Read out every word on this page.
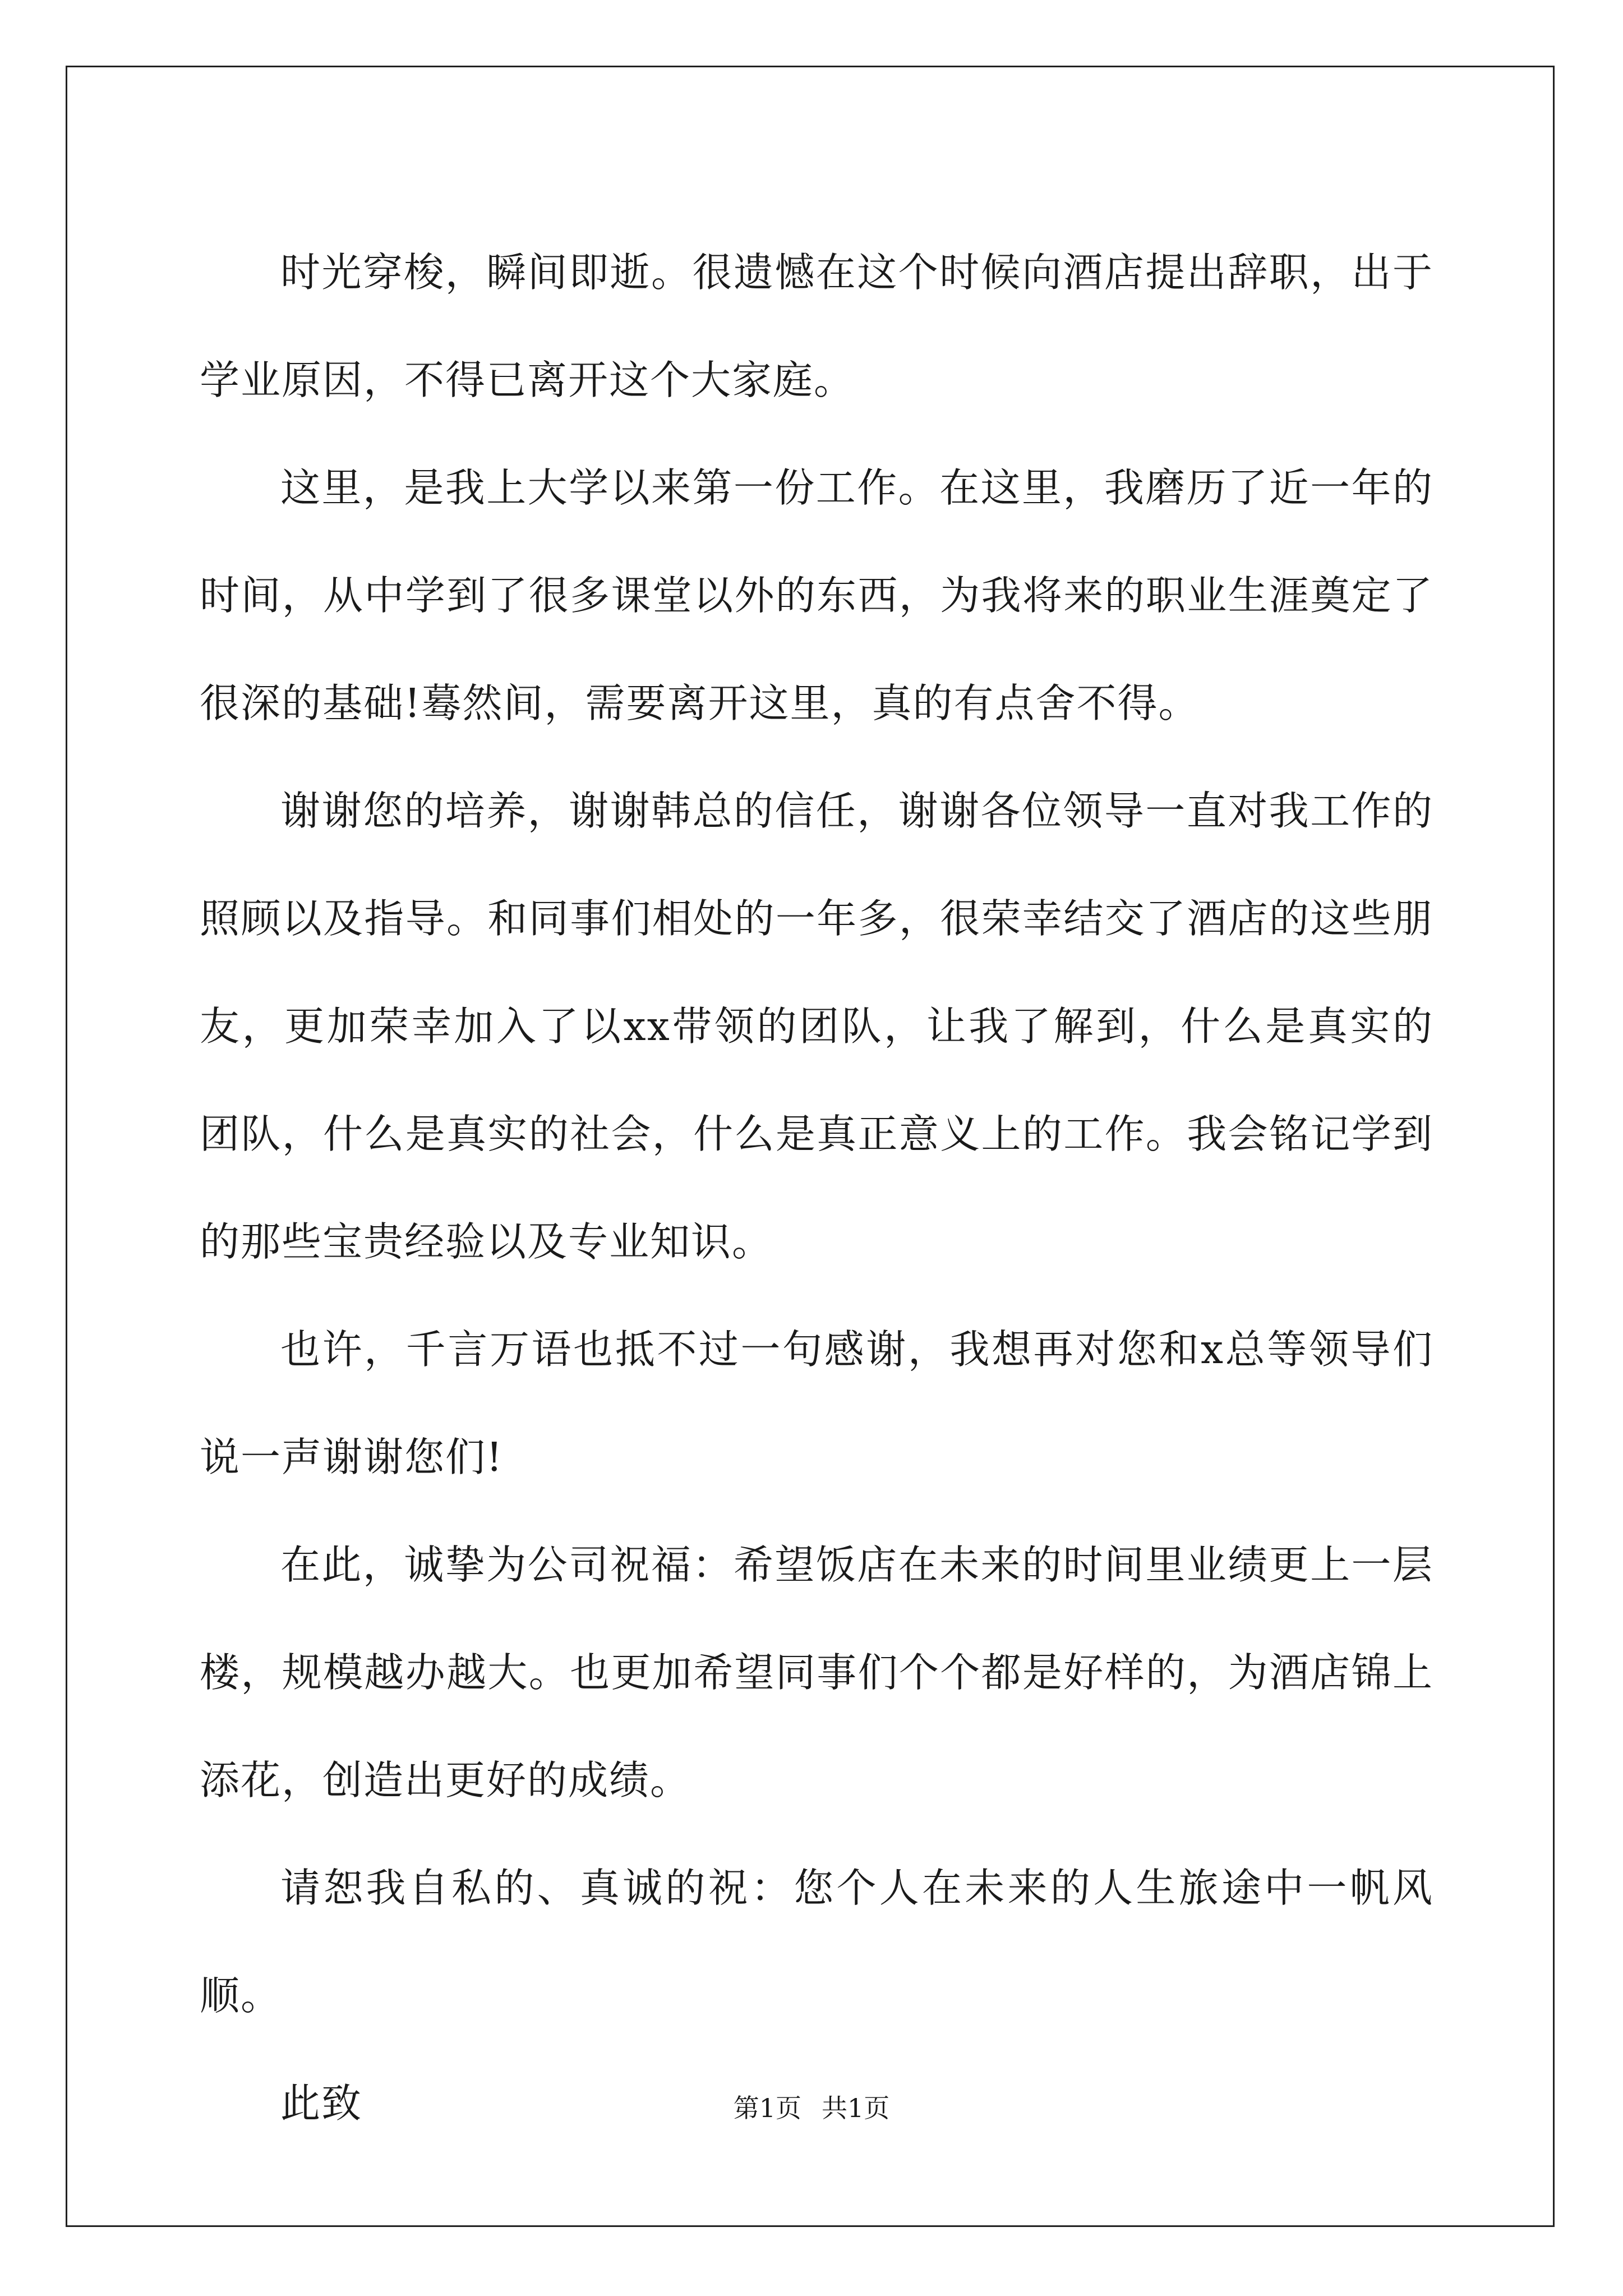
时光穿梭，瞬间即逝。很遗憾在这个时候向酒店提出辞职，出于学业原因，不得已离开这个大家庭。

这里，是我上大学以来第一份工作。在这里，我磨历了近一年的时间，从中学到了很多课堂以外的东西，为我将来的职业生涯奠定了很深的基础!蓦然间，需要离开这里，真的有点舍不得。

谢谢您的培养，谢谢韩总的信任，谢谢各位领导一直对我工作的照顾以及指导。和同事们相处的一年多，很荣幸结交了酒店的这些朋友，更加荣幸加入了以xx带领的团队，让我了解到，什么是真实的团队，什么是真实的社会，什么是真正意义上的工作。我会铭记学到的那些宝贵经验以及专业知识。

也许，千言万语也抵不过一句感谢，我想再对您和x总等领导们说一声谢谢您们!

在此，诚挚为公司祝福：希望饭店在未来的时间里业绩更上一层楼，规模越办越大。也更加希望同事们个个都是好样的，为酒店锦上添花，创造出更好的成绩。

请恕我自私的、真诚的祝：您个人在未来的人生旅途中一帆风顺。

此致	第1页 共1页
